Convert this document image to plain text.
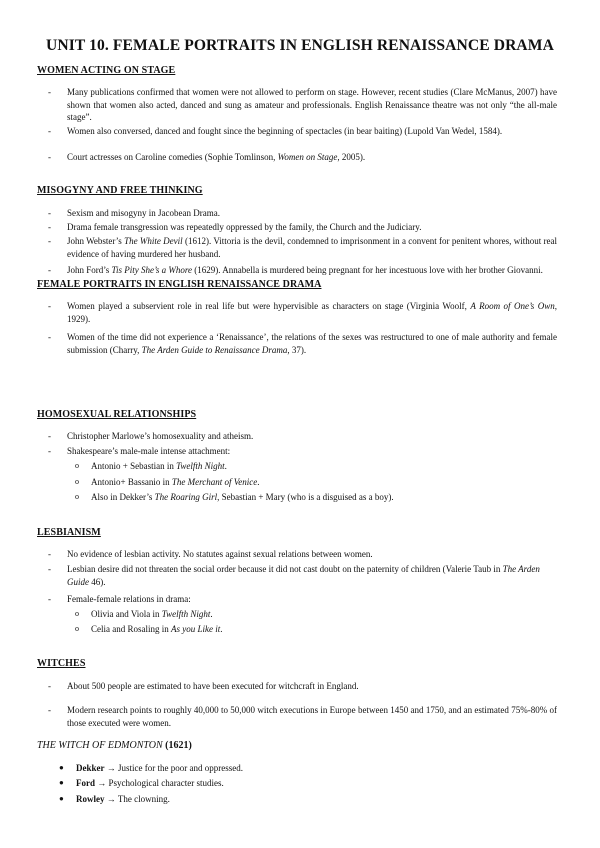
UNIT 10. FEMALE PORTRAITS IN ENGLISH RENAISSANCE DRAMA
WOMEN ACTING ON STAGE
- Many publications confirmed that women were not allowed to perform on stage. However, recent studies (Clare McManus, 2007) have shown that women also acted, danced and sung as amateur and professionals. English Renaissance theatre was not only “the all-male stage”.
- Women also conversed, danced and fought since the beginning of spectacles (in bear baiting) (Lupold Van Wedel, 1584).
- Court actresses on Caroline comedies (Sophie Tomlinson, Women on Stage, 2005).
MISOGYNY AND FREE THINKING
- Sexism and misogyny in Jacobean Drama.
- Drama female transgression was repeatedly oppressed by the family, the Church and the Judiciary.
- John Webster’s The White Devil (1612). Vittoria is the devil, condemned to imprisonment in a convent for penitent whores, without real evidence of having murdered her husband.
- John Ford’s Tis Pity She’s a Whore (1629). Annabella is murdered being pregnant for her incestuous love with her brother Giovanni.
FEMALE PORTRAITS IN ENGLISH RENAISSANCE DRAMA
- Women played a subservient role in real life but were hypervisible as characters on stage (Virginia Woolf, A Room of One’s Own, 1929).
- Women of the time did not experience a ‘Renaissance’, the relations of the sexes was restructured to one of male authority and female submission (Charry, The Arden Guide to Renaissance Drama, 37).
HOMOSEXUAL RELATIONSHIPS
- Christopher Marlowe’s homosexuality and atheism.
- Shakespeare’s male-male intense attachment:
o Antonio + Sebastian in Twelfth Night.
o Antonio+ Bassanio in The Merchant of Venice.
o Also in Dekker’s The Roaring Girl, Sebastian + Mary (who is a disguised as a boy).
LESBIANISM
- No evidence of lesbian activity. No statutes against sexual relations between women.
- Lesbian desire did not threaten the social order because it did not cast doubt on the paternity of children (Valerie Taub in The Arden Guide 46).
- Female-female relations in drama:
o Olivia and Viola in Twelfth Night.
o Celia and Rosaling in As you Like it.
WITCHES
- About 500 people are estimated to have been executed for witchcraft in England.
- Modern research points to roughly 40,000 to 50,000 witch executions in Europe between 1450 and 1750, and an estimated 75%-80% of those executed were women.
THE WITCH OF EDMONTON (1621)
● Dekker → Justice for the poor and oppressed.
● Ford → Psychological character studies.
● Rowley → The clowning.
